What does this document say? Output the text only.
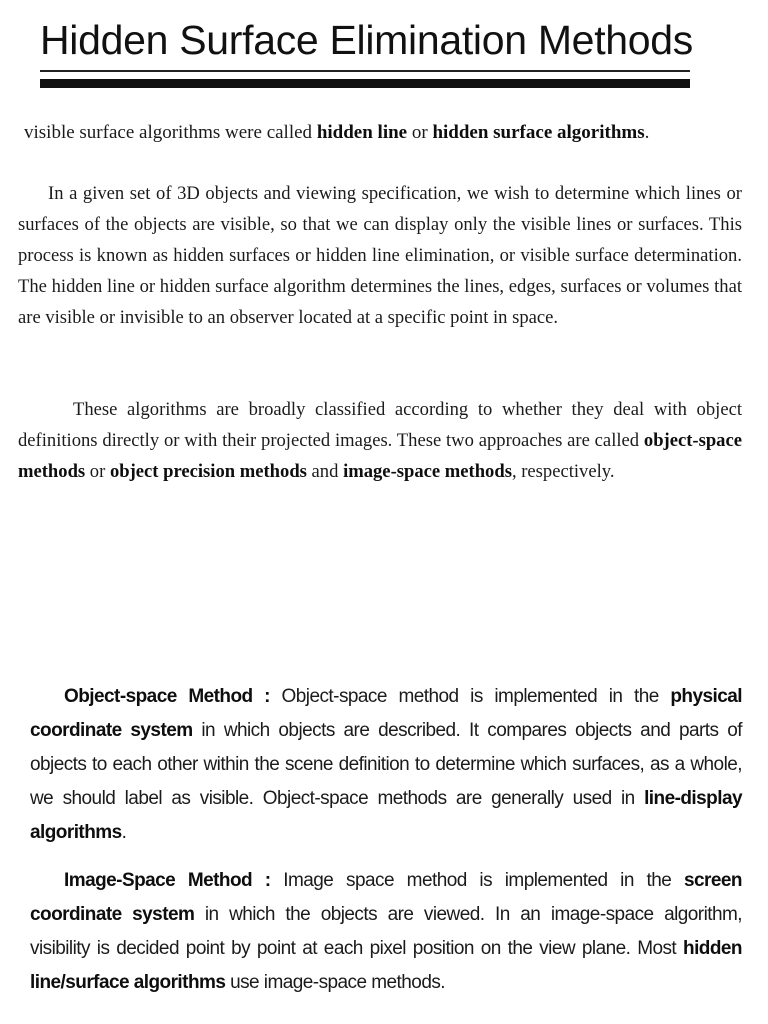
Hidden Surface Elimination Methods

visible surface algorithms were called hidden line or hidden surface algorithms.

In a given set of 3D objects and viewing specification, we wish to determine which lines or surfaces of the objects are visible, so that we can display only the visible lines or surfaces. This process is known as hidden surfaces or hidden line elimination, or visible surface determination. The hidden line or hidden surface algorithm determines the lines, edges, surfaces or volumes that are visible or invisible to an observer located at a specific point in space.

These algorithms are broadly classified according to whether they deal with object definitions directly or with their projected images. These two approaches are called object-space methods or object precision methods and image-space methods, respectively.

Object-space Method : Object-space method is implemented in the physical coordinate system in which objects are described. It compares objects and parts of objects to each other within the scene definition to determine which surfaces, as a whole, we should label as visible. Object-space methods are generally used in line-display algorithms.

Image-Space Method : Image space method is implemented in the screen coordinate system in which the objects are viewed. In an image-space algorithm, visibility is decided point by point at each pixel position on the view plane. Most hidden line/surface algorithms use image-space methods.
